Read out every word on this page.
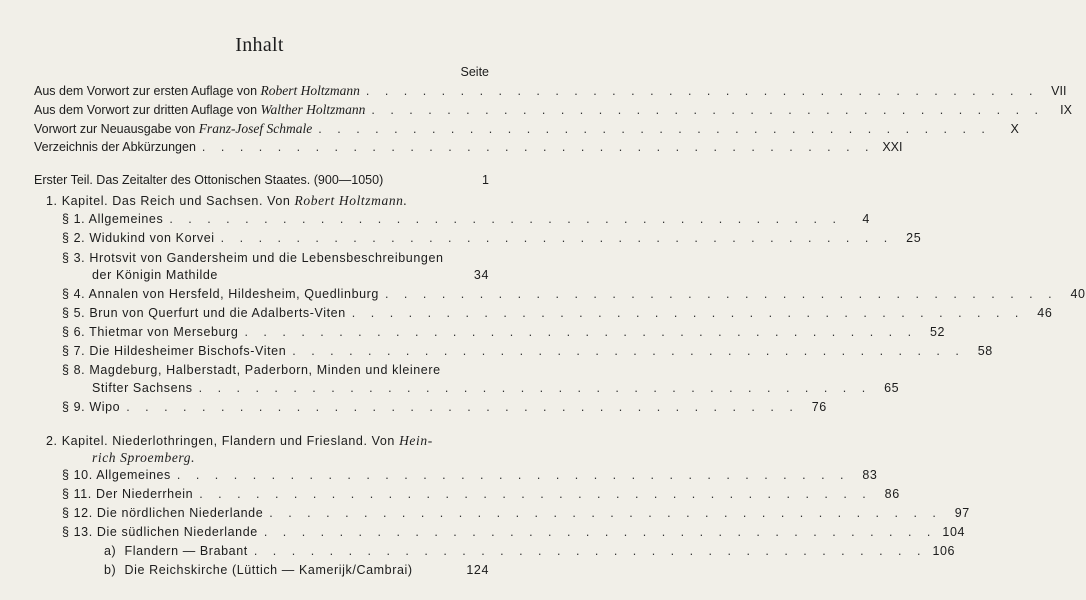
Inhalt
Seite
Aus dem Vorwort zur ersten Auflage von Robert Holtzmann . . . . . . . . . . . . . . . . . . . . . . . . . . . . . . . . . . . .	VII
Aus dem Vorwort zur dritten Auflage von Walther Holtzmann . . . . . . . . . . . . . . . . . . . . . . . . . . . . . . . . . . . .	IX
Vorwort zur Neuausgabe von Franz-Josef Schmale . . . . . . . . . . . . . . . . . . . . . . . . . . . . . . . . . . . .	X
Verzeichnis der Abkürzungen . . . . . . . . . . . . . . . . . . . . . . . . . . . . . . . . . . . . XXI
Erster Teil. Das Zeitalter des Ottonischen Staates. (900—1050)	1
1. Kapitel. Das Reich und Sachsen. Von Robert Holtzmann.
§ 1. Allgemeines . . . . . . . . . . . . . . . . . . . . . . . . . . . . . . . . . . . .	4
§ 2. Widukind von Korvei . . . . . . . . . . . . . . . . . . . . . . . . . . . . . . . . . . . .	25
§ 3. Hrotsvit von Gandersheim und die Lebensbeschreibungen
der Königin Mathilde	34
§ 4. Annalen von Hersfeld, Hildesheim, Quedlinburg . . . . . . . . . . . . . . . . . . . . . . . . . . . . . . . . . . . .	40
§ 5. Brun von Querfurt und die Adalberts-Viten . . . . . . . . . . . . . . . . . . . . . . . . . . . . . . . . . . . .	46
§ 6. Thietmar von Merseburg . . . . . . . . . . . . . . . . . . . . . . . . . . . . . . . . . . . .	52
§ 7. Die Hildesheimer Bischofs-Viten . . . . . . . . . . . . . . . . . . . . . . . . . . . . . . . . . . . .	58
§ 8. Magdeburg, Halberstadt, Paderborn, Minden und kleinere
Stifter Sachsens . . . . . . . . . . . . . . . . . . . . . . . . . . . . . . . . . . . .	65
§ 9. Wipo . . . . . . . . . . . . . . . . . . . . . . . . . . . . . . . . . . . .	76
2. Kapitel. Niederlothringen, Flandern und Friesland. Von Hein-
rich Sproemberg.
§ 10. Allgemeines . . . . . . . . . . . . . . . . . . . . . . . . . . . . . . . . . . . .	83
§ 11. Der Niederrhein . . . . . . . . . . . . . . . . . . . . . . . . . . . . . . . . . . . .	86
§ 12. Die nördlichen Niederlande . . . . . . . . . . . . . . . . . . . . . . . . . . . . . . . . . . . .	97
§ 13. Die südlichen Niederlande . . . . . . . . . . . . . . . . . . . . . . . . . . . . . . . . . . . . 104
a) Flandern — Brabant . . . . . . . . . . . . . . . . . . . . . . . . . . . . . . . . . . . . 106
b) Die Reichskirche (Lüttich — Kamerijk/Cambrai)	124
